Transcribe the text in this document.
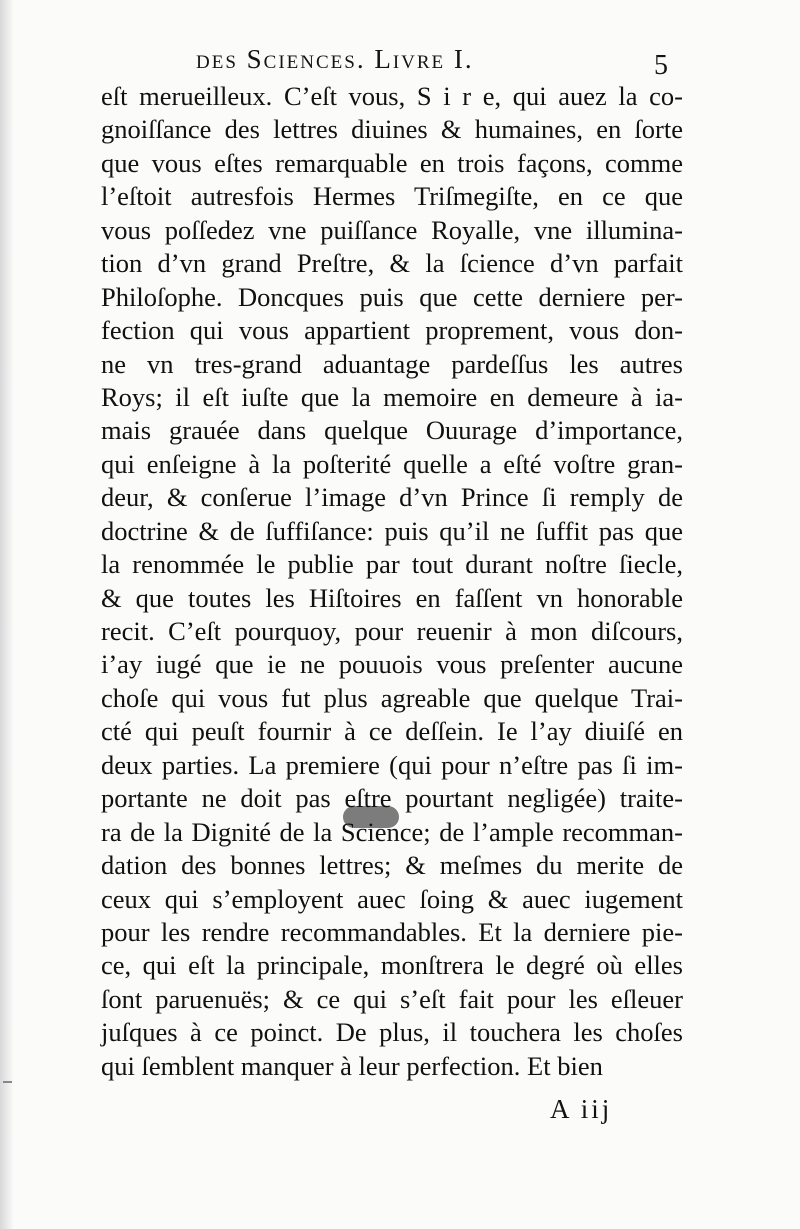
des Sciences. Livre I.	5
eſt merueilleux. C’eſt vous, S i r e, qui auez la co-
gnoiſſance des lettres diuines & humaines, en ſorte
que vous eſtes remarquable en trois façons, comme
l’eſtoit autresfois Hermes Triſmegiſte, en ce que
vous poſſedez vne puiſſance Royalle, vne illumina-
tion d’vn grand Preſtre, & la ſcience d’vn parfait
Philoſophe. Doncques puis que cette derniere per-
fection qui vous appartient proprement, vous don-
ne vn tres-grand aduantage pardeſſus les autres
Roys; il eſt iuſte que la memoire en demeure à ia-
mais grauée dans quelque Ouurage d’importance,
qui enſeigne à la poſterité quelle a eſté voſtre gran-
deur, & conſerue l’image d’vn Prince ſi remply de
doctrine & de ſuffiſance: puis qu’il ne ſuffit pas que
la renommée le publie par tout durant noſtre ſiecle,
& que toutes les Hiſtoires en faſſent vn honorable
recit. C’eſt pourquoy, pour reuenir à mon diſcours,
i’ay iugé que ie ne pouuois vous preſenter aucune
choſe qui vous fut plus agreable que quelque Trai-
cté qui peuſt fournir à ce deſſein. Ie l’ay diuiſé en
deux parties. La premiere (qui pour n’eſtre pas ſi im-
portante ne doit pas eſtre pourtant negligée) traite-
ra de la Dignité de la Science; de l’ample recomman-
dation des bonnes lettres; & meſmes du merite de
ceux qui s’employent auec ſoing & auec iugement
pour les rendre recommandables. Et la derniere pie-
ce, qui eſt la principale, monſtrera le degré où elles
ſont paruenuës; & ce qui s’eſt fait pour les eſleuer
juſques à ce poinct. De plus, il touchera les choſes
qui ſemblent manquer à leur perfection. Et bien
A iij
